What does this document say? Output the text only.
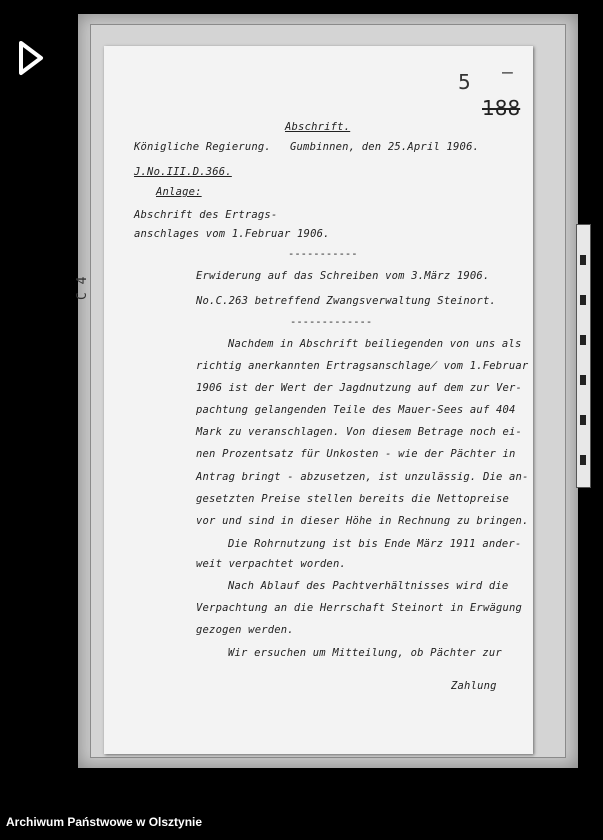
C 4
5 –
188
Abschrift.
Königliche Regierung. Gumbinnen, den 25.April 1906.
J.No.III.D.366.
Anlage:
Abschrift des Ertrags-
anschlages vom 1.Februar 1906.
-----------
Erwiderung auf das Schreiben vom 3.März 1906.
No.C.263 betreffend Zwangsverwaltung Steinort.
-------------
Nachdem in Abschrift beiliegenden von uns als
richtig anerkannten Ertragsanschlage̸ vom 1.Februar
1906 ist der Wert der Jagdnutzung auf dem zur Ver-
pachtung gelangenden Teile des Mauer-Sees auf 404
Mark zu veranschlagen. Von diesem Betrage noch ei-
nen Prozentsatz für Unkosten - wie der Pächter in
Antrag bringt - abzusetzen, ist unzulässig. Die an-
gesetzten Preise stellen bereits die Nettopreise
vor und sind in dieser Höhe in Rechnung zu bringen.
Die Rohrnutzung ist bis Ende März 1911 ander-
weit verpachtet worden.
Nach Ablauf des Pachtverhältnisses wird die
Verpachtung an die Herrschaft Steinort in Erwägung
gezogen werden.
Wir ersuchen um Mitteilung, ob Pächter zur
Zahlung
Archiwum Państwowe w Olsztynie
